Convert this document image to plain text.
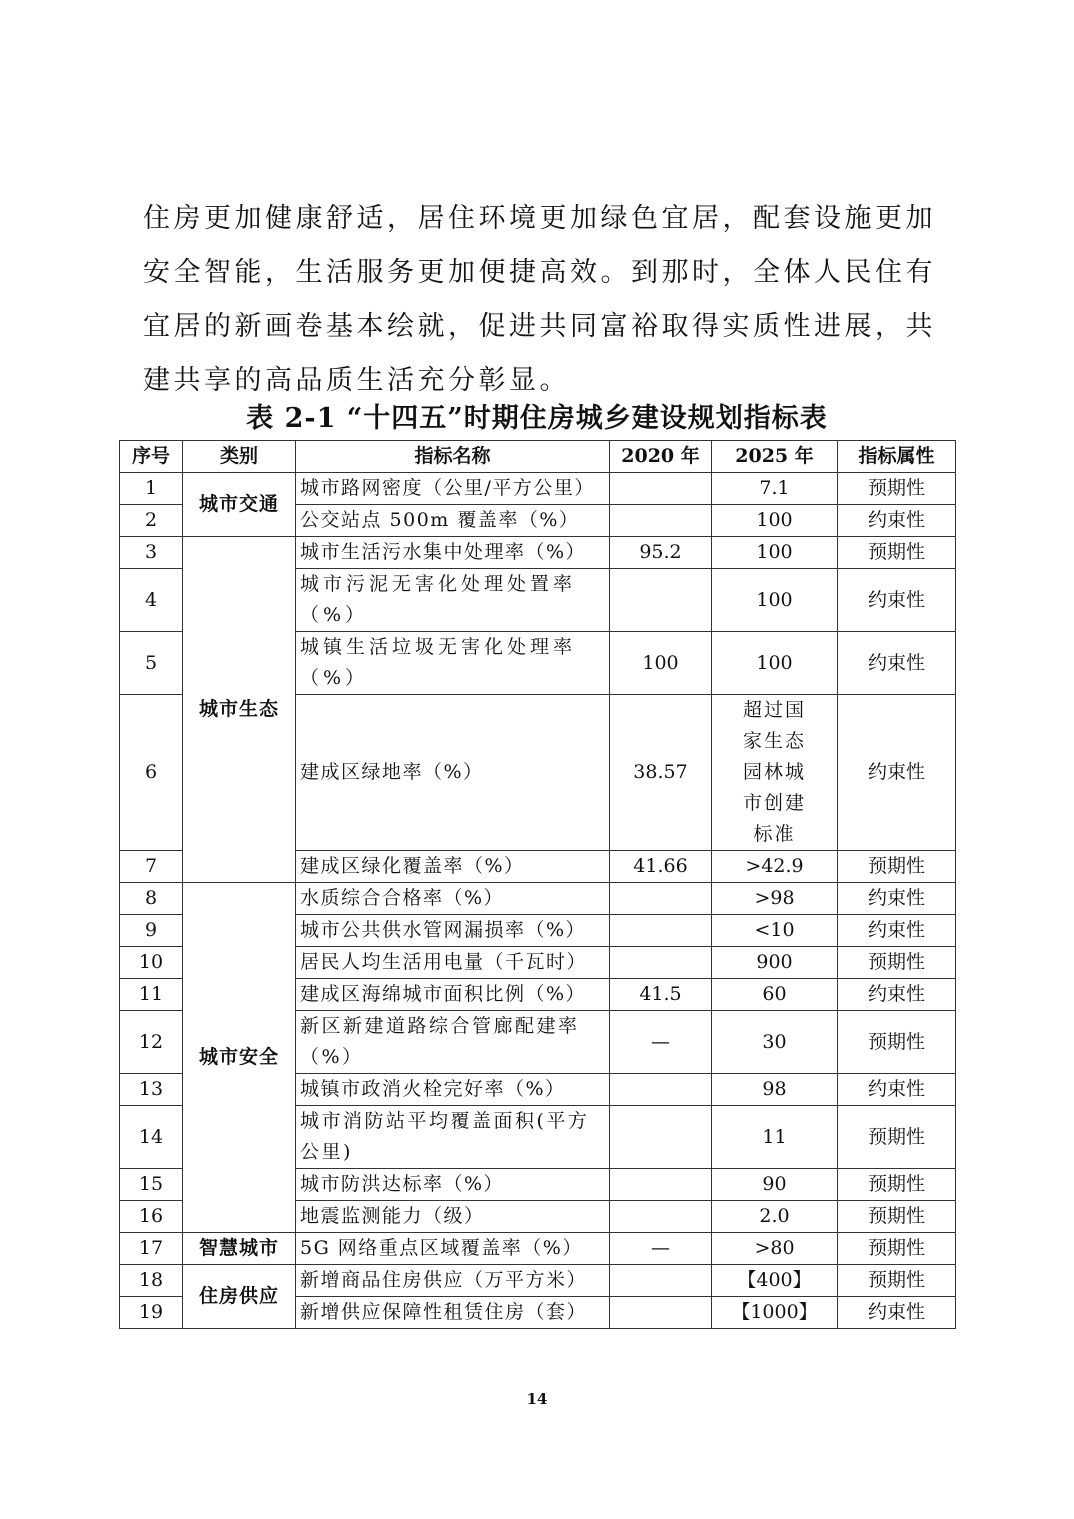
住房更加健康舒适，居住环境更加绿色宜居，配套设施更加安全智能，生活服务更加便捷高效。到那时，全体人民住有宜居的新画卷基本绘就，促进共同富裕取得实质性进展，共建共享的高品质生活充分彰显。

表 2-1 “十四五”时期住房城乡建设规划指标表
序号	类别	指标名称	2020 年	2025 年	指标属性
1	城市交通	城市路网密度（公里/平方公里）		7.1	预期性
2		公交站点 500m 覆盖率（%）		100	约束性
3	城市生态	城市生活污水集中处理率（%）	95.2	100	预期性
4		城市污泥无害化处理处置率（%）		100	约束性
5		城镇生活垃圾无害化处理率（%）	100	100	约束性
6		建成区绿地率（%）	38.57	超过国家生态园林城市创建标准	约束性
7		建成区绿化覆盖率（%）	41.66	>42.9	预期性
8	城市安全	水质综合合格率（%）		>98	约束性
9		城市公共供水管网漏损率（%）		<10	约束性
10		居民人均生活用电量（千瓦时）		900	预期性
11		建成区海绵城市面积比例（%）	41.5	60	约束性
12		新区新建道路综合管廊配建率（%）	—	30	预期性
13		城镇市政消火栓完好率（%）		98	约束性
14		城市消防站平均覆盖面积(平方公里)		11	预期性
15		城市防洪达标率（%）		90	预期性
16		地震监测能力（级）		2.0	预期性
17	智慧城市	5G 网络重点区域覆盖率（%）	—	>80	预期性
18	住房供应	新增商品住房供应（万平方米）		【400】	预期性
19		新增供应保障性租赁住房（套）		【1000】	约束性
14
